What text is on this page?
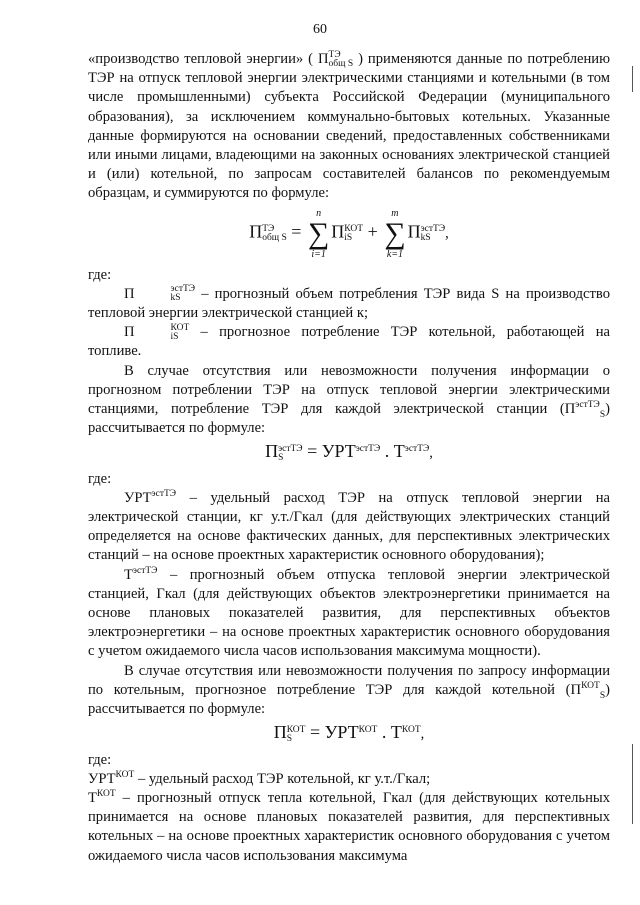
60

«производство тепловой энергии» ( П ТЭ
общ S ) применяются данные по потреблению ТЭР на отпуск тепловой энергии электрическими станциями и котельными (в том числе промышленными) субъекта Российской Федерации (муниципального образования), за исключением коммунально-бытовых котельных. Указанные данные формируются на основании сведений, предоставленных собственниками или иными лицами, владеющими на законных основаниях электрической станцией и (или) котельной, по запросам составителей балансов по рекомендуемым образцам, и суммируются по формуле:

П ТЭ
общ S =
n
∑
i=1
П КОТ
iS +
m
∑
k=1
П эстТЭ
kS ,

где:

П	эстТЭ
kS – прогнозный объем потребления ТЭР вида S на производство тепловой энергии электрической станцией к;

П	КОТ
iS – прогнозное потребление ТЭР котельной, работающей на топливе.

В случае отсутствия или невозможности получения информации о прогнозном потреблении ТЭР на отпуск тепловой энергии электрическими станциями, потребление ТЭР для каждой электрической станции $(П^{эстТЭ}_S)$ рассчитывается по формуле:

П эстТЭ
S	= $УРТ^{эстТЭ}$ . $Т^{эстТЭ}$,

где:

$УРТ^{эстТЭ}$ – удельный расход ТЭР на отпуск тепловой энергии на электрической станции, кг у.т./Гкал (для действующих электрических станций определяется на основе фактических данных, для перспективных электрических станций – на основе проектных характеристик основного оборудования);

$Т^{эстТЭ}$ – прогнозный объем отпуска тепловой энергии электрической станцией, Гкал (для действующих объектов электроэнергетики принимается на основе плановых показателей развития, для перспективных объектов электроэнергетики – на основе проектных характеристик основного оборудования с учетом ожидаемого числа часов использования максимума мощности).

В случае отсутствия или невозможности получения по запросу информации по котельным, прогнозное потребление ТЭР для каждой котельной $(П^{КОТ}_S)$ рассчитывается по формуле:

П КОТ
$S = УРТ^{КОТ}$ . $Т^{КОТ}$,

где:

$УРТ^{КОТ}$ – удельный расход ТЭР котельной, кг у.т./Гкал;

$Т^{КОТ}$ – прогнозный отпуск тепла котельной, Гкал (для действующих котельных принимается на основе плановых показателей развития, для перспективных котельных – на основе проектных характеристик основного оборудования с учетом ожидаемого числа часов использования максимума
